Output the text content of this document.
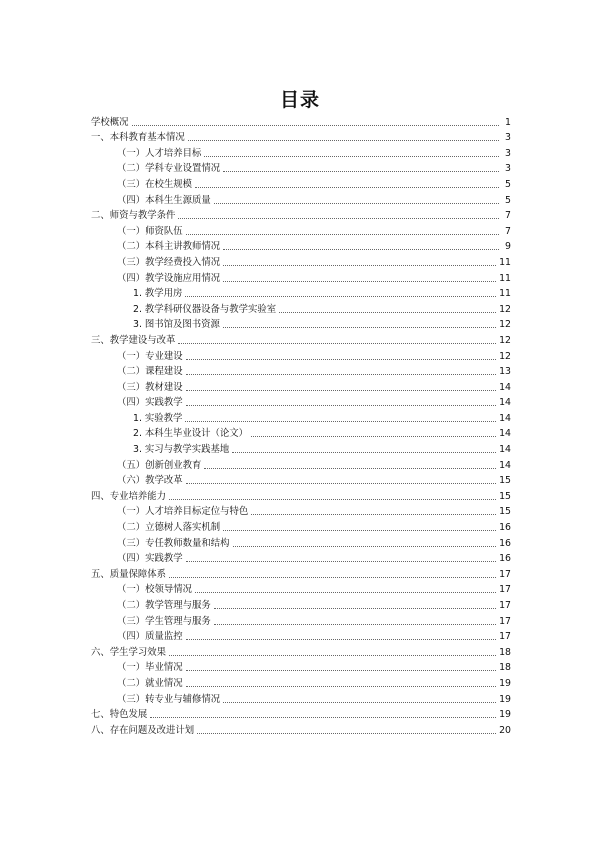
目录
学校概况	1
一、本科教育基本情况	3
（一）人才培养目标	3
（二）学科专业设置情况	3
（三）在校生规模	5
（四）本科生生源质量	5
二、师资与教学条件	7
（一）师资队伍	7
（二）本科主讲教师情况	9
（三）教学经费投入情况	11
（四）教学设施应用情况	11
1. 教学用房	11
2. 教学科研仪器设备与教学实验室	12
3. 图书馆及图书资源	12
三、教学建设与改革	12
（一）专业建设	12
（二）课程建设	13
（三）教材建设	14
（四）实践教学	14
1. 实验教学	14
2. 本科生毕业设计（论文）	14
3. 实习与教学实践基地	14
（五）创新创业教育	14
（六）教学改革	15
四、专业培养能力	15
（一）人才培养目标定位与特色	15
（二）立德树人落实机制	16
（三）专任教师数量和结构	16
（四）实践教学	16
五、质量保障体系	17
（一）校领导情况	17
（二）教学管理与服务	17
（三）学生管理与服务	17
（四）质量监控	17
六、学生学习效果	18
（一）毕业情况	18
（二）就业情况	19
（三）转专业与辅修情况	19
七、特色发展	19
八、存在问题及改进计划	20
